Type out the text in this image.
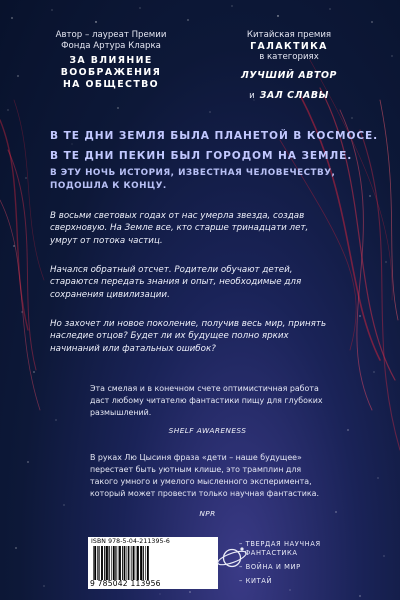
Автор – лауреат Премии
Фонда Артура Кларка
ЗА ВЛИЯНИЕ
ВООБРАЖЕНИЯ
НА ОБЩЕСТВО
Китайская премия
ГАЛАКТИКА
в категориях
ЛУЧШИЙ АВТОР
и ЗАЛ СЛАВЫ

В ТЕ ДНИ ЗЕМЛЯ БЫЛА ПЛАНЕТОЙ В КОСМОСЕ.

В ТЕ ДНИ ПЕКИН БЫЛ ГОРОДОМ НА ЗЕМЛЕ.

В ЭТУ НОЧЬ ИСТОРИЯ, ИЗВЕСТНАЯ ЧЕЛОВЕЧЕСТВУ,

ПОДОШЛА К КОНЦУ.

В восьми световых годах от нас умерла звезда, создав сверхновую. На Земле все, кто старше тринадцати лет, умрут от потока частиц.

Начался обратный отсчет. Родители обучают детей, стараются передать знания и опыт, необходимые для сохранения цивилизации.

Но захочет ли новое поколение, получив весь мир, принять наследие отцов? Будет ли их будущее полно ярких начинаний или фатальных ошибок?

Эта смелая и в конечном счете оптимистичная работа даст любому читателю фантастики пищу для глубоких размышлений.

SHELF AWARENESS

В руках Лю Цысиня фраза «дети – наше будущее» перестает быть уютным клише, это трамплин для такого умного и умелого мысленного эксперимента, который может провести только научная фантастика.

NPR
ISBN 978-5-04-211395-6
9 785042 113956
– ТВЕРДАЯ НАУЧНАЯ
ФАНТАСТИКА
– ВОЙНА И МИР
– КИТАЙ
